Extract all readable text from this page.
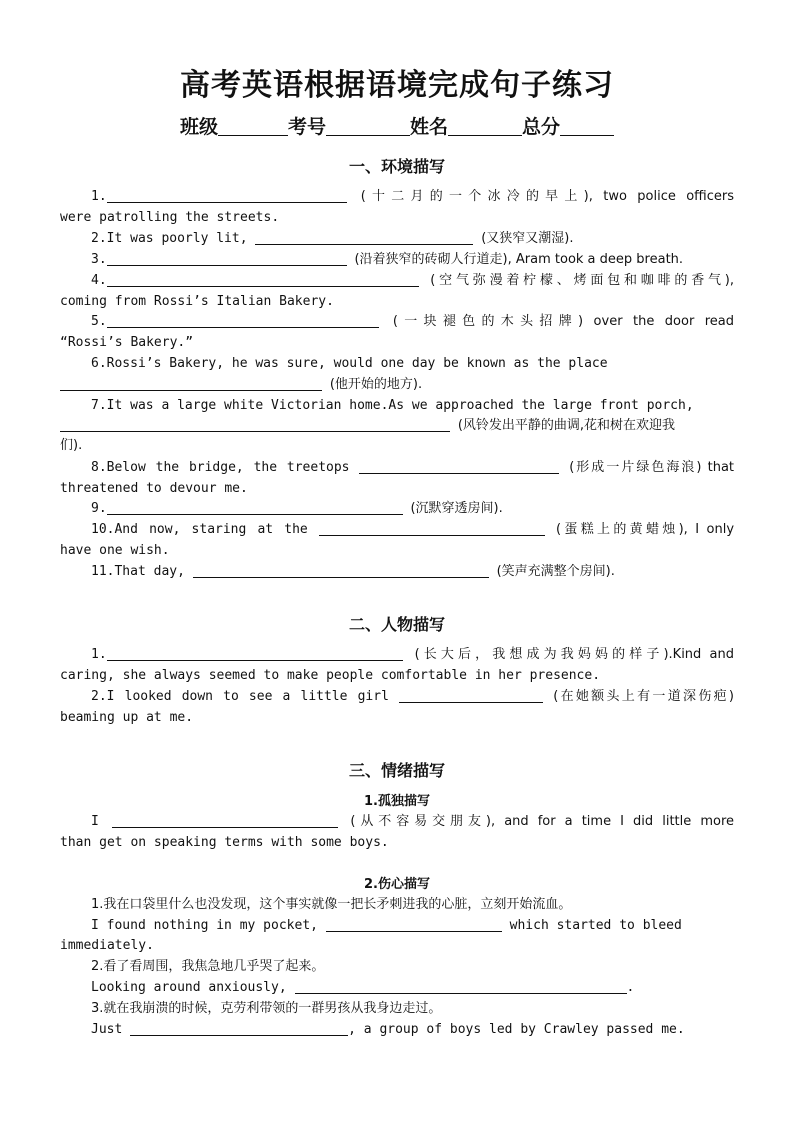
高考英语根据语境完成句子练习
班级	考号	姓名	总分
一、环境描写
1.	(十二月的一个冰冷的早上), two police officers
were patrolling the streets.
2.It was poorly lit,	(又狭窄又潮湿).
3.	(沿着狭窄的砖砌人行道走), Aram took a deep breath.
4.	(空气弥漫着柠檬、烤面包和咖啡的香气),
coming from Rossi’s Italian Bakery.
5.	(一块褪色的木头招牌) over the door read
“Rossi’s Bakery.”
6.Rossi’s Bakery, he was sure, would one day be known as the place
(他开始的地方).
7.It was a large white Victorian home.As we approached the large front porch,
(风铃发出平静的曲调,花和树在欢迎我
们).
8.Below the bridge, the treetops	(形成一片绿色海浪) that
threatened to devour me.
9.	(沉默穿透房间).
10.And now, staring at the	(蛋糕上的黄蜡烛), I only
have one wish.
11.That day,	(笑声充满整个房间).
二、人物描写
1.	(长大后，我想成为我妈妈的样子).Kind and
caring, she always seemed to make people comfortable in her presence.
2.I looked down to see a little girl	(在她额头上有一道深伤疤)
beaming up at me.
三、情绪描写
1.孤独描写
I	(从不容易交朋友), and for a time I did little more
than get on speaking terms with some boys.
2.伤心描写
1.我在口袋里什么也没发现，这个事实就像一把长矛刺进我的心脏，立刻开始流血。
I found nothing in my pocket,	which started to bleed
immediately.
2.看了看周围，我焦急地几乎哭了起来。
Looking around anxiously,	.
3.就在我崩溃的时候，克劳利带领的一群男孩从我身边走过。
Just	, a group of boys led by Crawley passed me.
